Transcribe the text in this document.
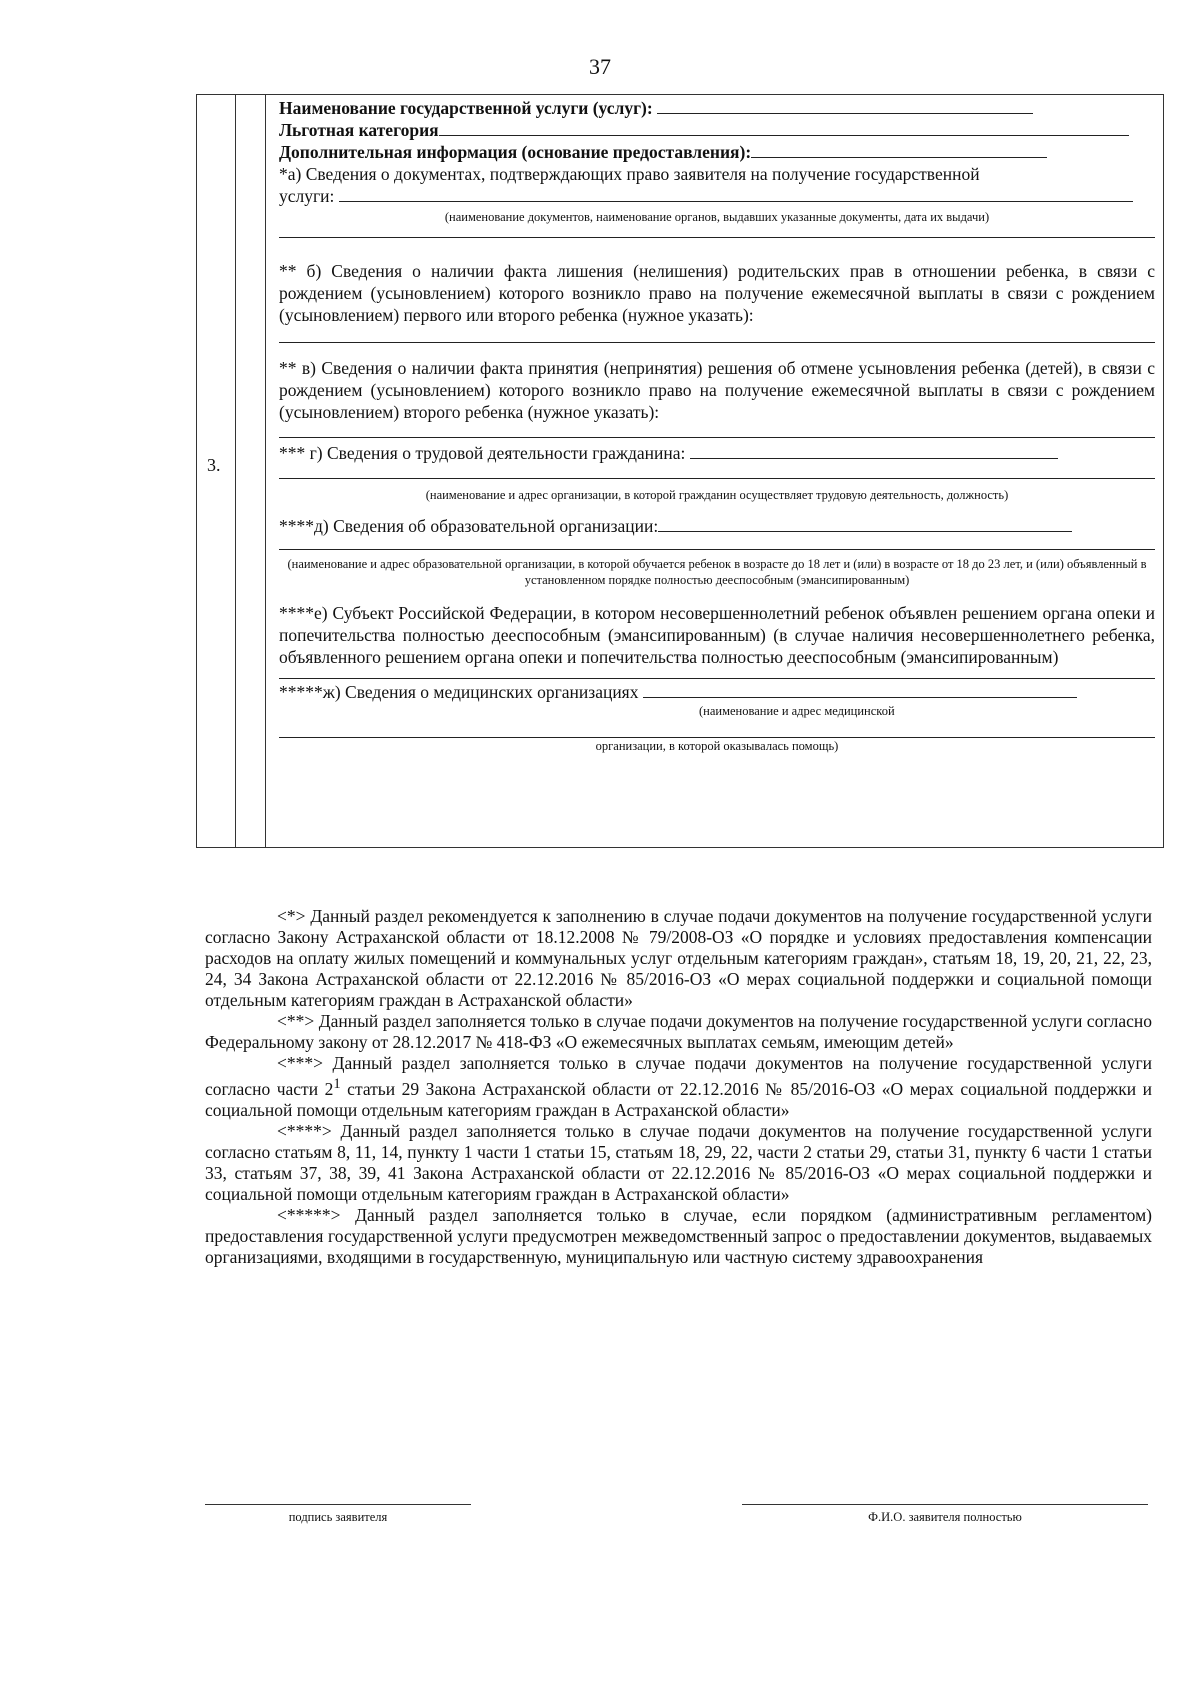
37
3.
Наименование государственной услуги (услуг):
Льготная категория
Дополнительная информация (основание предоставления):
*а) Сведения о документах, подтверждающих право заявителя на получение государственной
услуги:
(наименование документов, наименование органов, выдавших указанные документы, дата их выдачи)
** б) Сведения о наличии факта лишения (нелишения) родительских прав в отношении ребенка, в связи с рождением (усыновлением) которого возникло право на получение ежемесячной выплаты в связи с рождением (усыновлением) первого или второго ребенка (нужное указать):
** в) Сведения о наличии факта принятия (непринятия) решения об отмене усыновления ребенка (детей), в связи с рождением (усыновлением) которого возникло право на получение ежемесячной выплаты в связи с рождением (усыновлением) второго ребенка (нужное указать):
*** г) Сведения о трудовой деятельности гражданина:
(наименование и адрес организации, в которой гражданин осуществляет трудовую деятельность, должность)
****д) Сведения об образовательной организации:
(наименование и адрес образовательной организации, в которой обучается ребенок в возрасте до 18 лет и (или) в возрасте от 18 до 23 лет, и (или) объявленный в установленном порядке полностью дееспособным (эмансипированным)
****е) Субъект Российской Федерации, в котором несовершеннолетний ребенок объявлен решением органа опеки и попечительства полностью дееспособным (эмансипированным) (в случае наличия несовершеннолетнего ребенка, объявленного решением органа опеки и попечительства полностью дееспособным (эмансипированным)
*****ж) Сведения о медицинских организациях
(наименование и адрес медицинской
организации, в которой оказывалась помощь)

<*> Данный раздел рекомендуется к заполнению в случае подачи документов на получение государственной услуги согласно Закону Астраханской области от 18.12.2008 № 79/2008-ОЗ «О порядке и условиях предоставления компенсации расходов на оплату жилых помещений и коммунальных услуг отдельным категориям граждан», статьям 18, 19, 20, 21, 22, 23, 24, 34 Закона Астраханской области от 22.12.2016 № 85/2016-ОЗ «О мерах социальной поддержки и социальной помощи отдельным категориям граждан в Астраханской области»

<**> Данный раздел заполняется только в случае подачи документов на получение государственной услуги согласно Федеральному закону от 28.12.2017 № 418-ФЗ «О ежемесячных выплатах семьям, имеющим детей»

<***> Данный раздел заполняется только в случае подачи документов на получение государственной услуги согласно части $2^1$ статьи 29 Закона Астраханской области от 22.12.2016 № 85/2016-ОЗ «О мерах социальной поддержки и социальной помощи отдельным категориям граждан в Астраханской области»

<****> Данный раздел заполняется только в случае подачи документов на получение государственной услуги согласно статьям 8, 11, 14, пункту 1 части 1 статьи 15, статьям 18, 29, 22, части 2 статьи 29, статьи 31, пункту 6 части 1 статьи 33, статьям 37, 38, 39, 41 Закона Астраханской области от 22.12.2016 № 85/2016-ОЗ «О мерах социальной поддержки и социальной помощи отдельным категориям граждан в Астраханской области»

<*****> Данный раздел заполняется только в случае, если порядком (административным регламентом) предоставления государственной услуги предусмотрен межведомственный запрос о предоставлении документов, выдаваемых организациями, входящими в государственную, муниципальную или частную систему здравоохранения

подпись заявителя	Ф.И.О. заявителя полностью
